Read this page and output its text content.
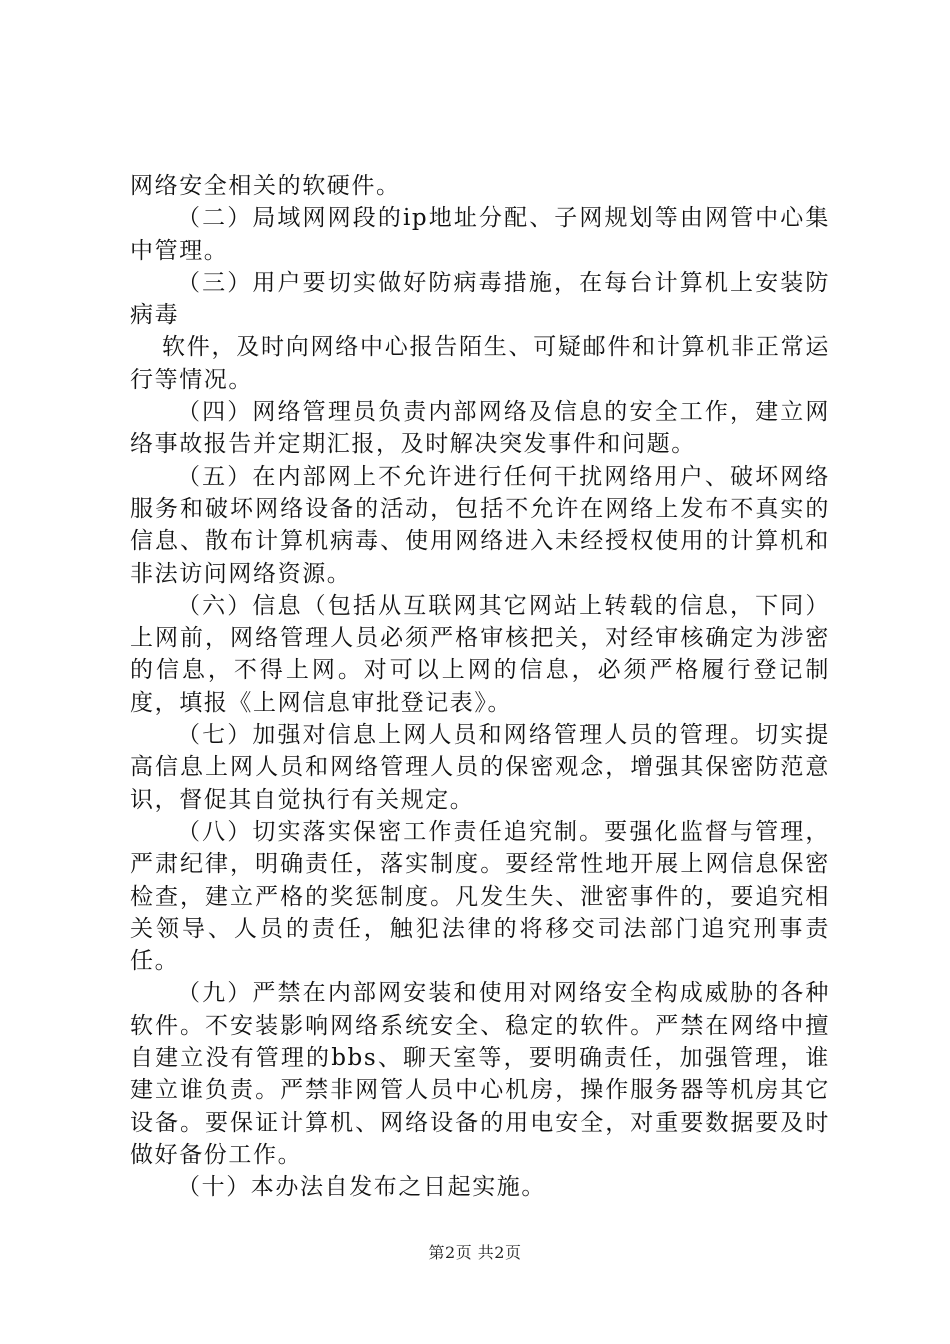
网络安全相关的软硬件。

（二）局域网网段的ip地址分配、子网规划等由网管中心集中管理。

（三）用户要切实做好防病毒措施，在每台计算机上安装防病毒

软件，及时向网络中心报告陌生、可疑邮件和计算机非正常运行等情况。

（四）网络管理员负责内部网络及信息的安全工作，建立网络事故报告并定期汇报，及时解决突发事件和问题。

（五）在内部网上不允许进行任何干扰网络用户、破坏网络服务和破坏网络设备的活动，包括不允许在网络上发布不真实的信息、散布计算机病毒、使用网络进入未经授权使用的计算机和非法访问网络资源。

（六）信息（包括从互联网其它网站上转载的信息，下同）上网前，网络管理人员必须严格审核把关，对经审核确定为涉密的信息，不得上网。对可以上网的信息，必须严格履行登记制度，填报《上网信息审批登记表》。

（七）加强对信息上网人员和网络管理人员的管理。切实提高信息上网人员和网络管理人员的保密观念，增强其保密防范意识，督促其自觉执行有关规定。

（八）切实落实保密工作责任追究制。要强化监督与管理，严肃纪律，明确责任，落实制度。要经常性地开展上网信息保密检查，建立严格的奖惩制度。凡发生失、泄密事件的，要追究相关领导、人员的责任，触犯法律的将移交司法部门追究刑事责任。

（九）严禁在内部网安装和使用对网络安全构成威胁的各种软件。不安装影响网络系统安全、稳定的软件。严禁在网络中擅自建立没有管理的bbs、聊天室等，要明确责任，加强管理，谁建立谁负责。严禁非网管人员中心机房，操作服务器等机房其它设备。要保证计算机、网络设备的用电安全，对重要数据要及时做好备份工作。

（十）本办法自发布之日起实施。

第2页 共2页
